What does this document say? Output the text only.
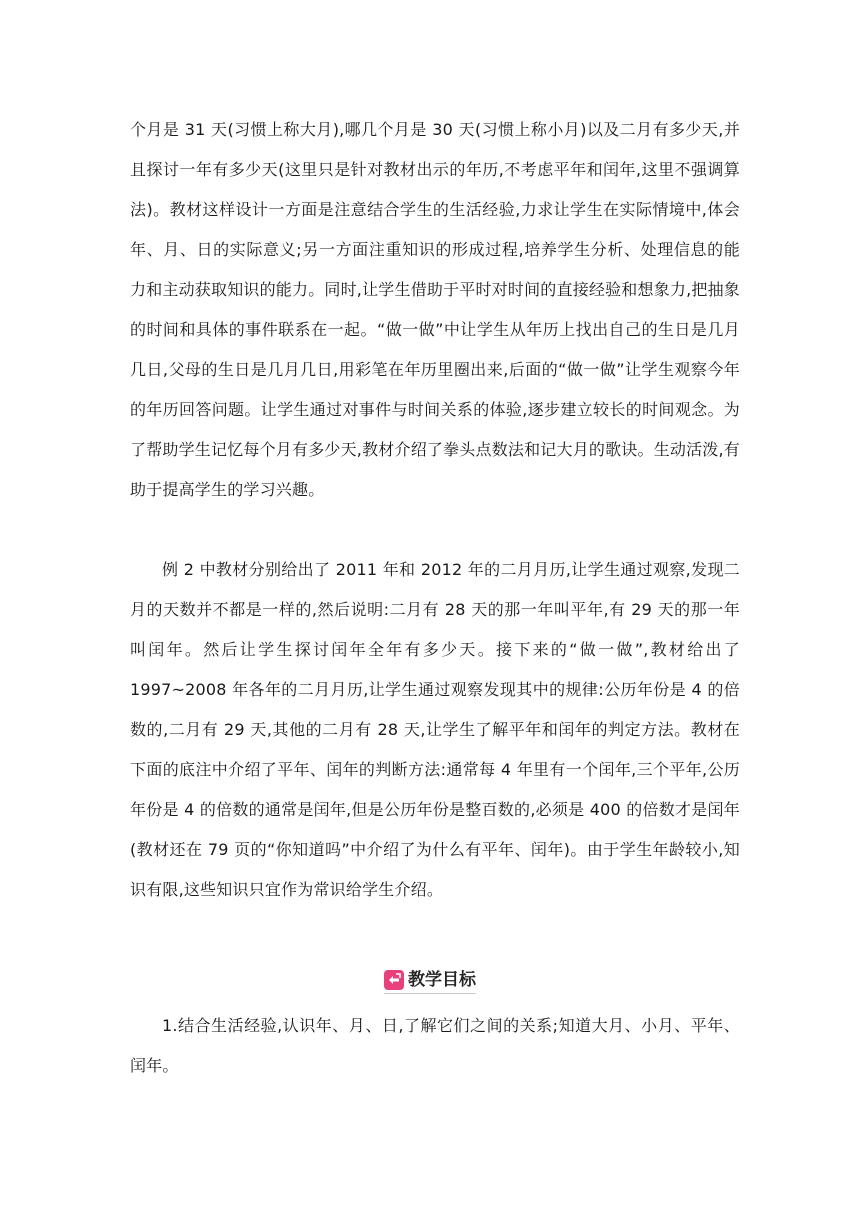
个月是 31 天(习惯上称大月),哪几个月是 30 天(习惯上称小月)以及二月有多少天,并且探讨一年有多少天(这里只是针对教材出示的年历,不考虑平年和闰年,这里不强调算法)。教材这样设计一方面是注意结合学生的生活经验,力求让学生在实际情境中,体会年、月、日的实际意义;另一方面注重知识的形成过程,培养学生分析、处理信息的能力和主动获取知识的能力。同时,让学生借助于平时对时间的直接经验和想象力,把抽象的时间和具体的事件联系在一起。“做一做”中让学生从年历上找出自己的生日是几月几日,父母的生日是几月几日,用彩笔在年历里圈出来,后面的“做一做”让学生观察今年的年历回答问题。让学生通过对事件与时间关系的体验,逐步建立较长的时间观念。为了帮助学生记忆每个月有多少天,教材介绍了拳头点数法和记大月的歌诀。生动活泼,有助于提高学生的学习兴趣。

例 2 中教材分别给出了 2011 年和 2012 年的二月月历,让学生通过观察,发现二月的天数并不都是一样的,然后说明:二月有 28 天的那一年叫平年,有 29 天的那一年叫闰年。然后让学生探讨闰年全年有多少天。接下来的“做一做”,教材给出了 1997~2008 年各年的二月月历,让学生通过观察发现其中的规律:公历年份是 4 的倍数的,二月有 29 天,其他的二月有 28 天,让学生了解平年和闰年的判定方法。教材在下面的底注中介绍了平年、闰年的判断方法:通常每 4 年里有一个闰年,三个平年,公历年份是 4 的倍数的通常是闰年,但是公历年份是整百数的,必须是 400 的倍数才是闰年(教材还在 79 页的“你知道吗”中介绍了为什么有平年、闰年)。由于学生年龄较小,知识有限,这些知识只宜作为常识给学生介绍。

教学目标

1.结合生活经验,认识年、月、日,了解它们之间的关系;知道大月、小月、平年、闰年。
